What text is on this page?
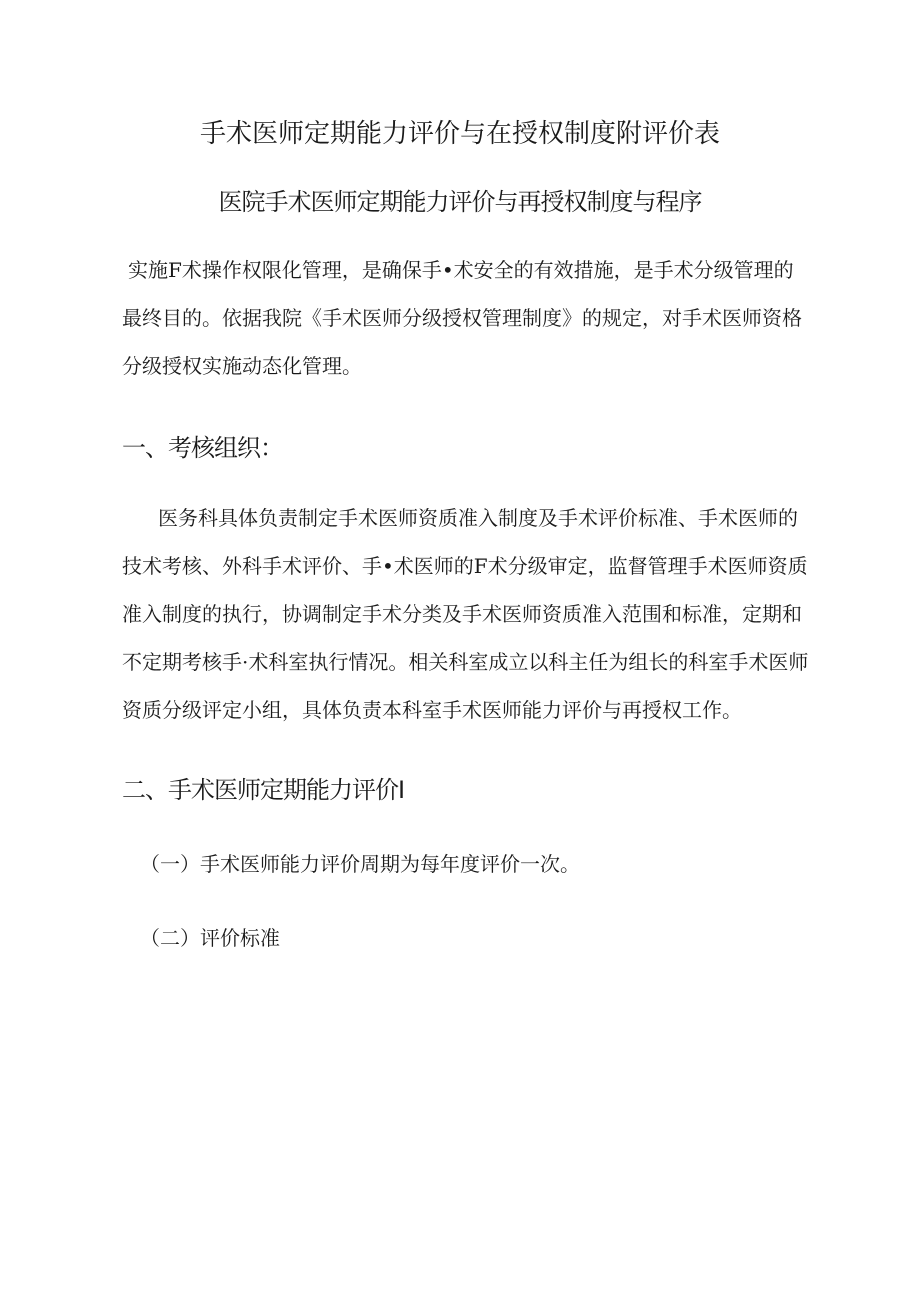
手术医师定期能力评价与在授权制度附评价表
医院手术医师定期能力评价与再授权制度与程序
实施F术操作权限化管理，是确保手•术安全的有效措施，是手术分级管理的
最终目的。依据我院《手术医师分级授权管理制度》的规定，对手术医师资格
分级授权实施动态化管理。
一、考核组织：
医务科具体负责制定手术医师资质准入制度及手术评价标准、手术医师的
技术考核、外科手术评价、手•术医师的F术分级审定，监督管理手术医师资质
准入制度的执行，协调制定手术分类及手术医师资质准入范围和标准，定期和
不定期考核手·术科室执行情况。相关科室成立以科主任为组长的科室手术医师
资质分级评定小组，具体负责本科室手术医师能力评价与再授权工作。
二、手术医师定期能力评价I
（一）手术医师能力评价周期为每年度评价一次。
（二）评价标准
